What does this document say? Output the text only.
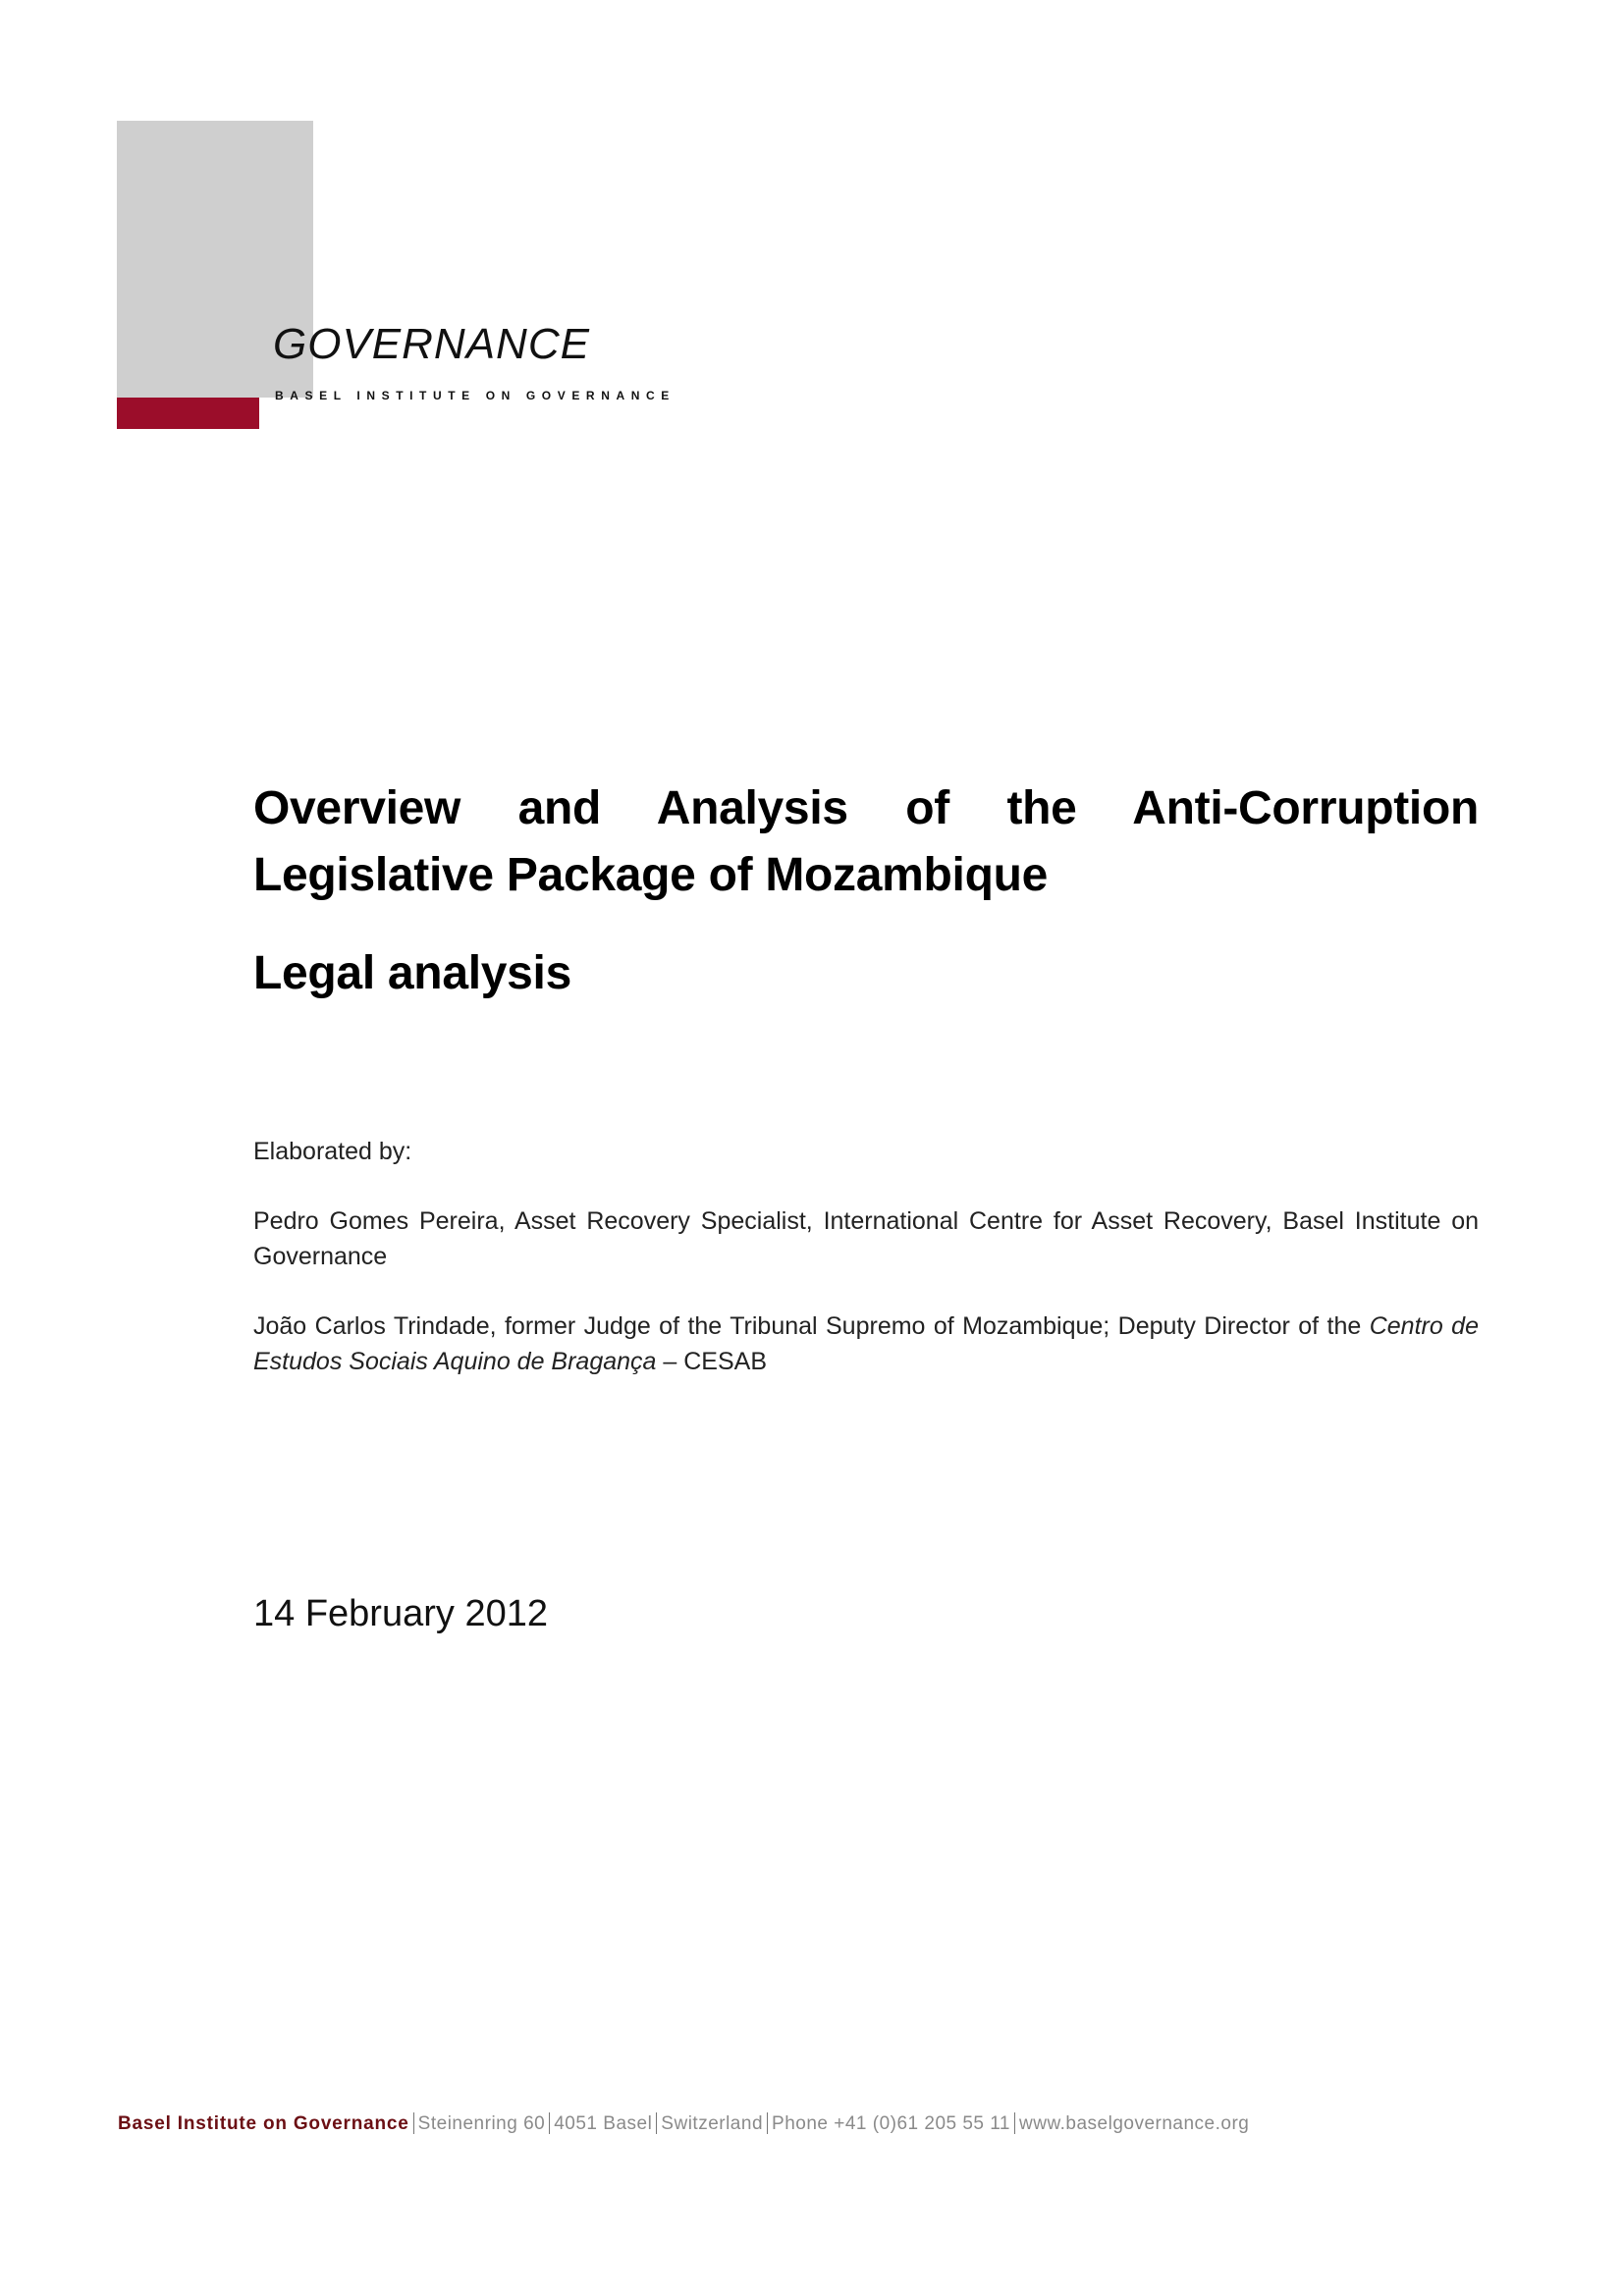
GOVERNANCE
BASEL INSTITUTE ON GOVERNANCE
Overview and Analysis of the Anti-Corruption
Legislative Package of Mozambique
Legal analysis

Elaborated by:

Pedro Gomes Pereira, Asset Recovery Specialist, International Centre for Asset Recovery, Basel Institute on Governance

João Carlos Trindade, former Judge of the Tribunal Supremo of Mozambique; Deputy Director of the Centro de Estudos Sociais Aquino de Bragança – CESAB

14 February 2012
Basel Institute on Governance Steinenring 60 4051 Basel Switzerland Phone +41 (0)61 205 55 11 www.baselgovernance.org
